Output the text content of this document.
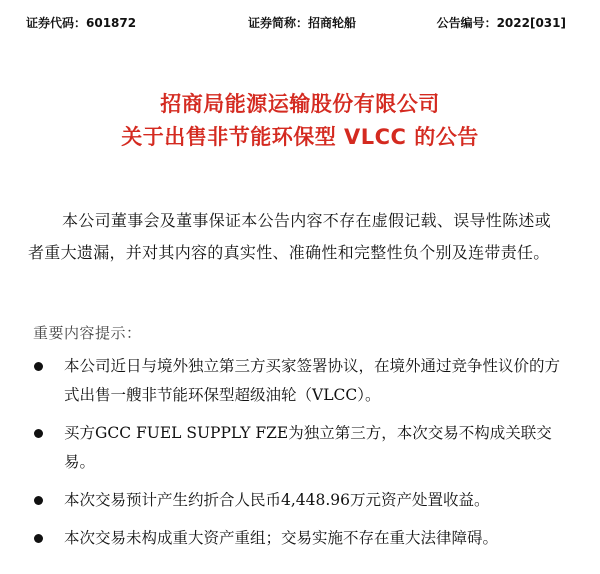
证券代码：601872	证券简称：招商轮船	公告编号：2022[031]
招商局能源运输股份有限公司
关于出售非节能环保型 VLCC 的公告

本公司董事会及董事保证本公告内容不存在虚假记载、误导性陈述或者重大遗漏，并对其内容的真实性、准确性和完整性负个别及连带责任。

重要内容提示：
本公司近日与境外独立第三方买家签署协议，在境外通过竞争性议价的方式出售一艘非节能环保型超级油轮（VLCC）。
买方GCC FUEL SUPPLY FZE为独立第三方，本次交易不构成关联交易。
本次交易预计产生约折合人民币4,448.96万元资产处置收益。
本次交易未构成重大资产重组；交易实施不存在重大法律障碍。
